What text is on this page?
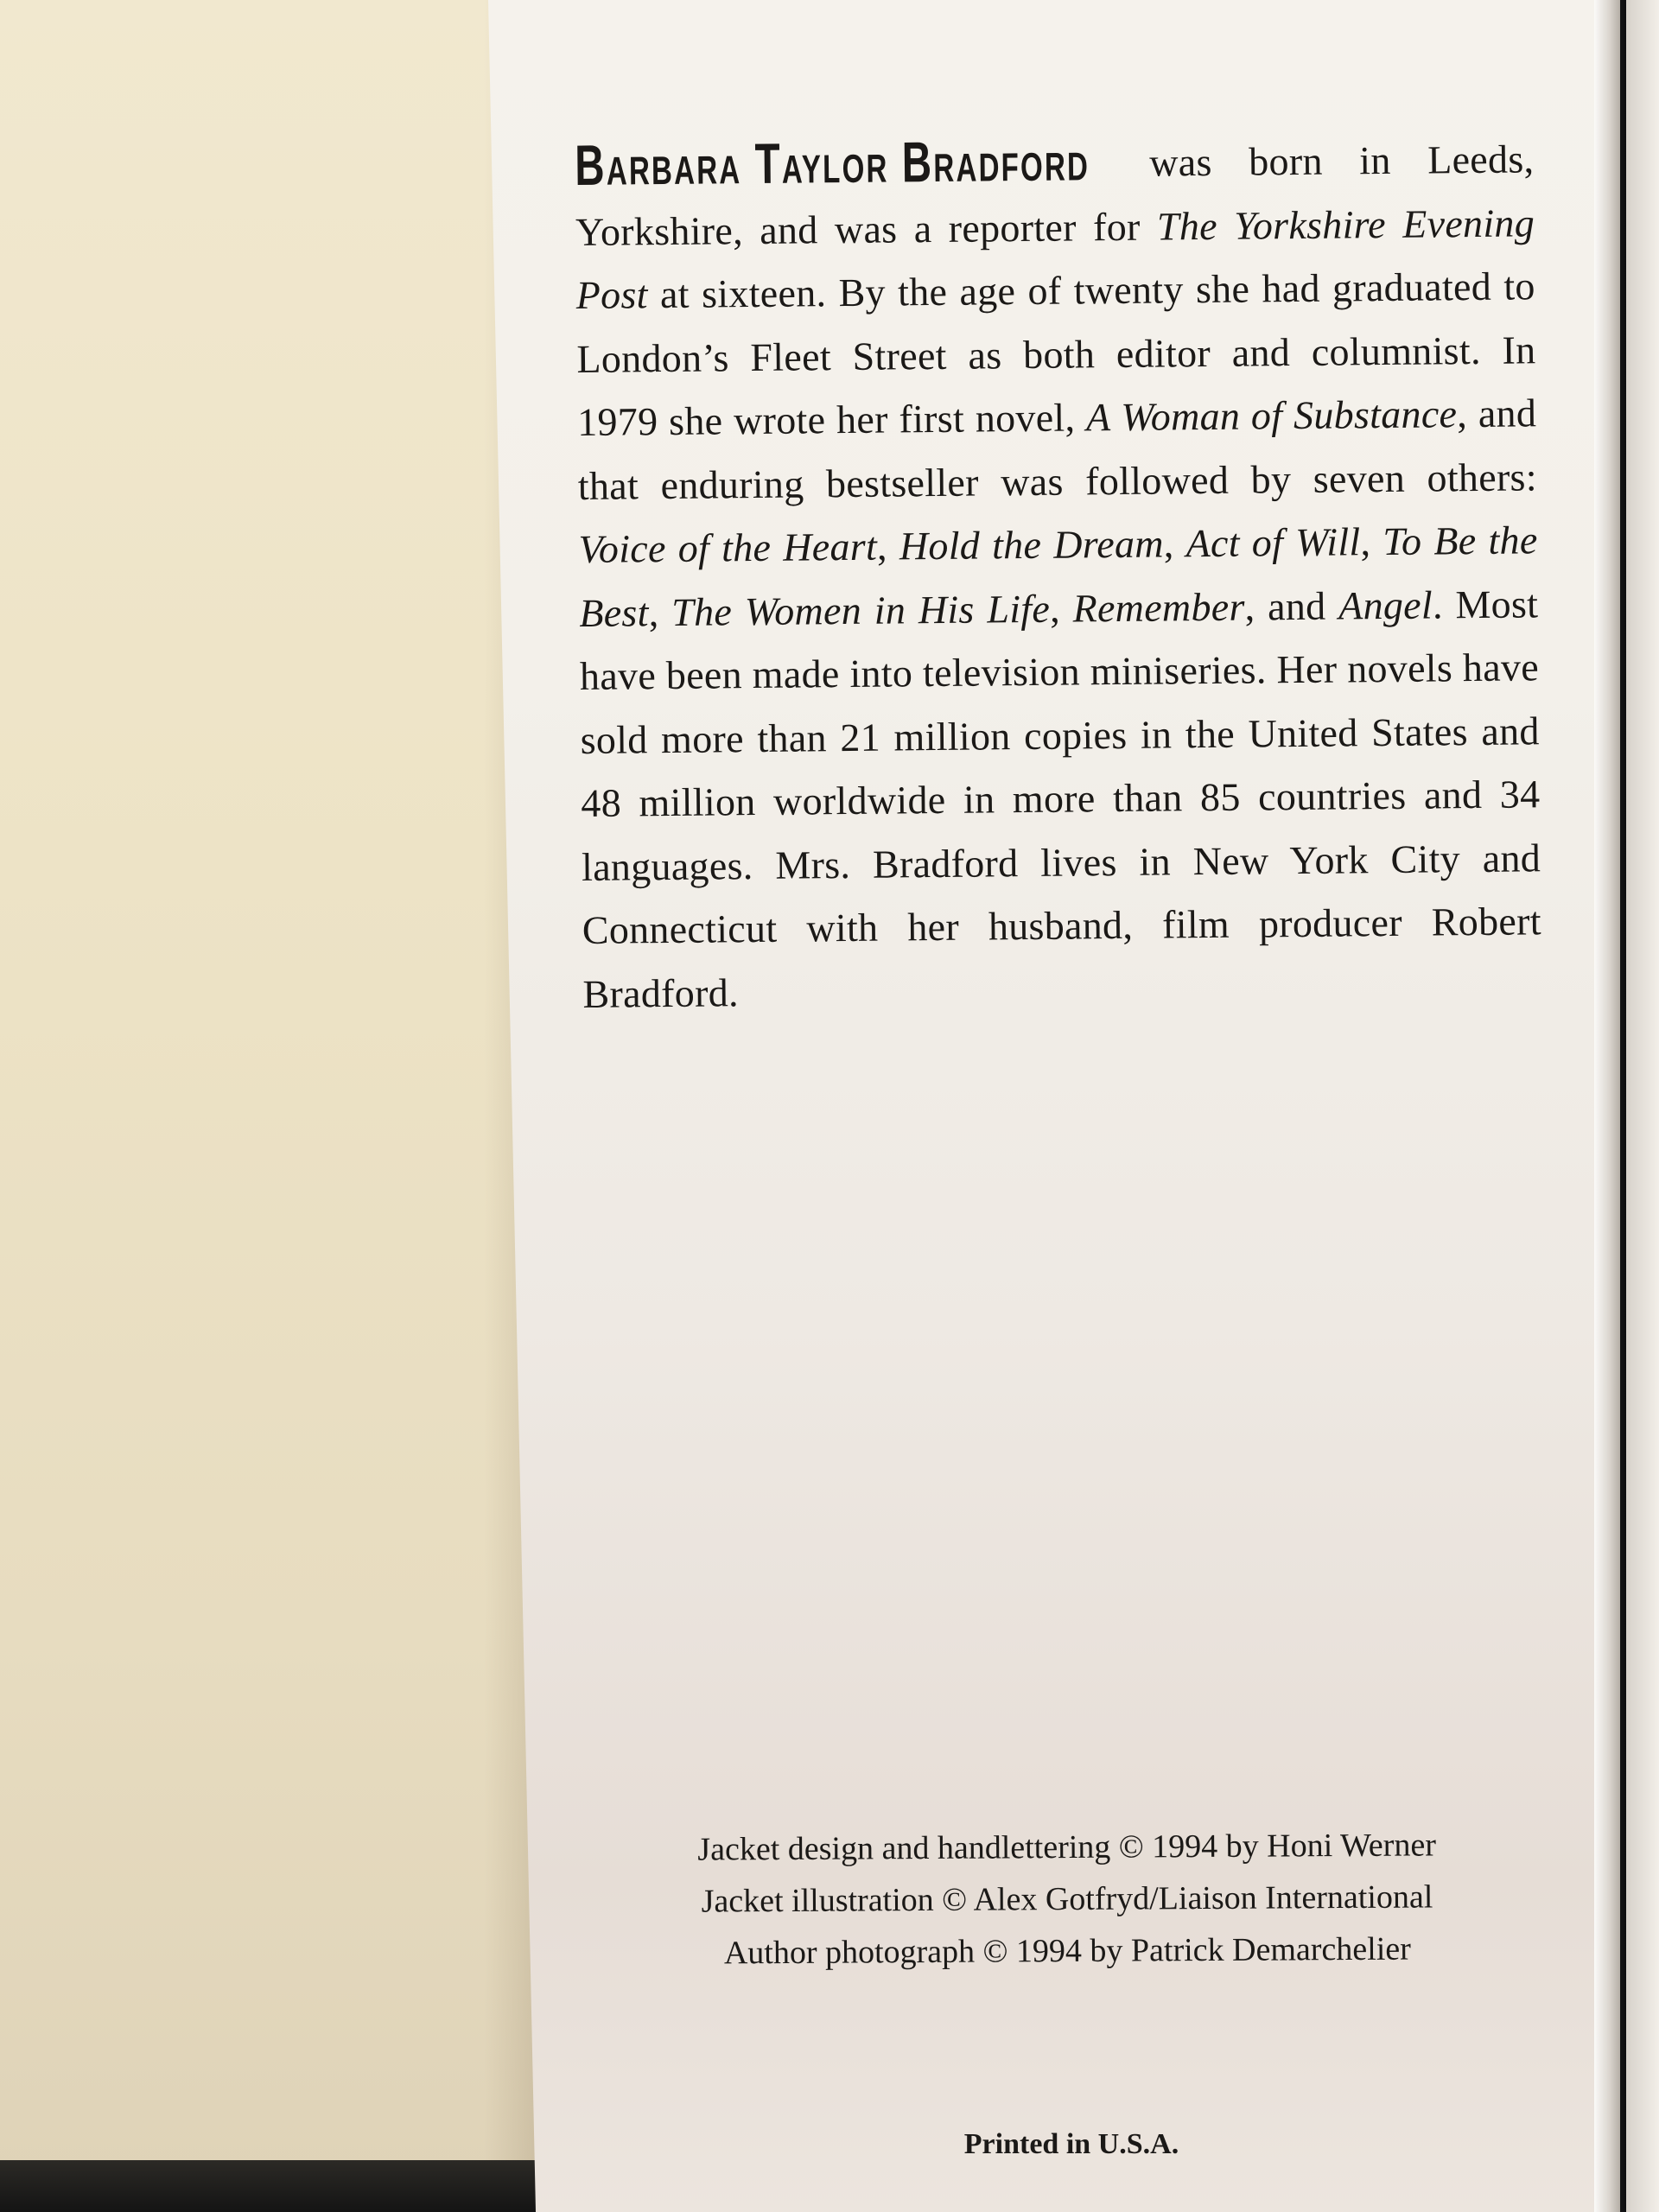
Barbara Taylor Bradford was born in Leeds, Yorkshire, and was a reporter for The Yorkshire Evening Post at sixteen. By the age of twenty she had graduated to London’s Fleet Street as both editor and columnist. In 1979 she wrote her first novel, A Woman of Substance, and that enduring bestseller was followed by seven others: Voice of the Heart, Hold the Dream, Act of Will, To Be the Best, The Women in His Life, Remember, and Angel. Most have been made into television miniseries. Her novels have sold more than 21 million copies in the United States and 48 million worldwide in more than 85 countries and 34 languages. Mrs. Bradford lives in New York City and Connecticut with her husband, film producer Robert Bradford.

Jacket design and handlettering © 1994 by Honi Werner
Jacket illustration © Alex Gotfryd/Liaison International
Author photograph © 1994 by Patrick Demarchelier
Printed in U.S.A.
